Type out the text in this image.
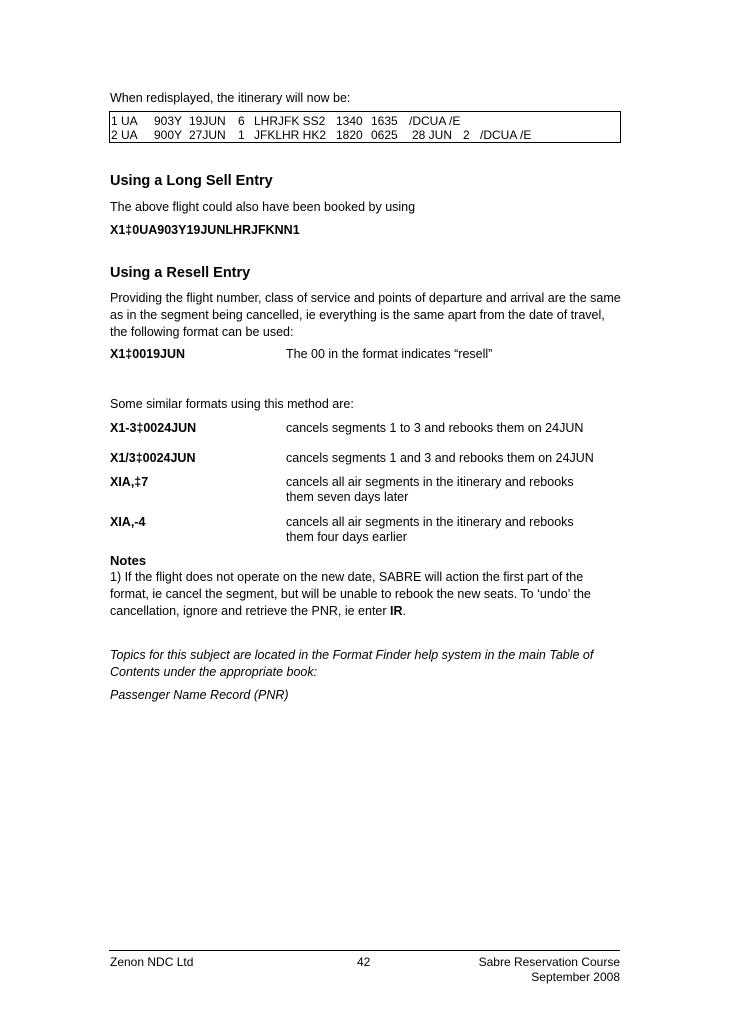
When redisplayed, the itinerary will now be:
1 UA 903Y 19JUN 6 LHRJFK SS2 1340 1635 /DCUA /E
2 UA 900Y 27JUN 1 JFKLHR HK2 1820 0625 28 JUN 2 /DCUA /E
Using a Long Sell Entry
The above flight could also have been booked by using
X1‡0UA903Y19JUNLHRJFKNN1
Using a Resell Entry
Providing the flight number, class of service and points of departure and arrival are the same as in the segment being cancelled, ie everything is the same apart from the date of travel, the following format can be used:
X1‡0019JUN	The 00 in the format indicates “resell”
Some similar formats using this method are:
X1-3‡0024JUN	cancels segments 1 to 3 and rebooks them on 24JUN
X1/3‡0024JUN	cancels segments 1 and 3 and rebooks them on 24JUN
XIA,‡7	cancels all air segments in the itinerary and rebooks
them seven days later
XIA,-4	cancels all air segments in the itinerary and rebooks
them four days earlier
Notes
1) If the flight does not operate on the new date, SABRE will action the first part of the format, ie cancel the segment, but will be unable to rebook the new seats. To ‘undo’ the cancellation, ignore and retrieve the PNR, ie enter IR.
Topics for this subject are located in the Format Finder help system in the main Table of Contents under the appropriate book:
Passenger Name Record (PNR)
Zenon NDC Ltd	42	Sabre Reservation Course
September 2008
